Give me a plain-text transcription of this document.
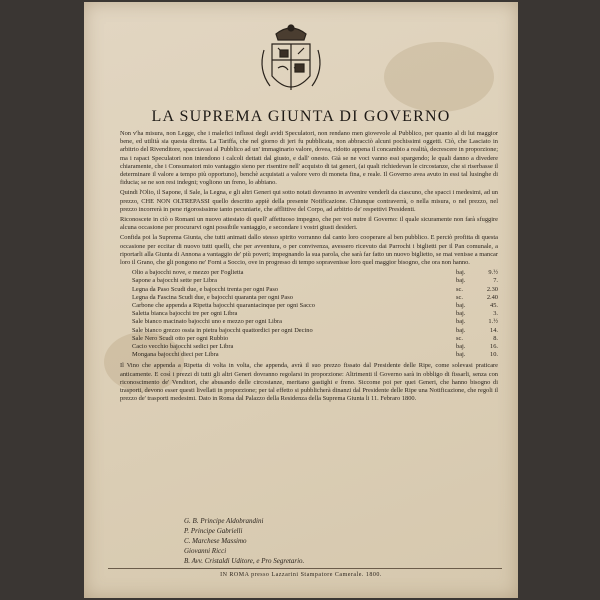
LA SUPREMA GIUNTA DI GOVERNO

Non v'ha misura, non Legge, che i malefici influssi degli avidi Speculatori, non rendano men giovevole al Pubblico, per quanto al di lui maggior bene, ed utilità sia questa diretta. La Tariffa, che nel giorno di jeri fu pubblicata, non abbracciò alcuni pochissimi oggetti. Ciò, che Lasciato in arbitrio del Rivenditore, spacciavasi al Pubblico ad un' immaginario valore, dovea, ridotto appena il concambio a realità, decrescere in proporzione; ma i rapaci Speculatori non intendono i calcoli dettati dal giusto, e dall' onesto. Già se ne voci vanno essi spargendo; le quali danno a divedere chiaramente, che i Consumatori mio vantaggio sieno per risentire nell' acquisto di tai generi, (ai quali richiedevan le circostanze, che si riserbasse il determinare il valore a tempo più opportuno), benchè acquistati a valore vero di moneta fina, e reale. Il Governo avea avuto in essi tal lusinghe di fiducia; se ne son resi indegni; vogliono un freno, lo abbiano.

Quindi l'Olio, il Sapone, il Sale, la Legna, e gli altri Generi qui sotto notati dovranno in avvenire venderli da ciascuno, che spacci i medesimi, ad un prezzo, CHE NON OLTREPASSI quello descritto appiè della presente Notificazione. Chiunque contraverrà, o nella misura, o nel prezzo, nel prezzo incorrerà in pene rigorosissime tanto pecuniarie, che afflittive del Corpo, ad arbitrio de' respettivi Presidenti.

Riconoscete in ciò o Romani un nuovo attestato di quell' affettuoso impegno, che per voi nutre il Governo: il quale sicuramente non farà sfuggire alcuna occasione per procurarvi ogni possibile vantaggio, e secondare i vostri giusti desideri.

Confida poi la Suprema Giunta, che tutti animati dallo stesso spirito vorranno dal canto loro cooperare al ben pubblico. E perciò profitta di questa occasione per eccitar di nuovo tutti quelli, che per avventura, o per convivenza, avessero ricevuto dai Parrochi i biglietti per il Pan comunale, a riportarli alla Giunta di Annona a vantaggio de' più poveri; impegnando la sua parola, che sarà far fatto un nuovo biglietto, se mai venisse a mancar loro il Grano, che gli pongono ne' Forni a Soccio, ove in progresso di tempo sopravenisse loro quel maggior bisogno, che ora non hanno.

Olio a bajocchi nove, e mezzo per Foglietta	baj.	9.½
Sapone a bajocchi sette per Libra	baj.	7.
Legna da Paso Scudi due, e bajocchi trenta per ogni Paso	sc.	2.30
Legna da Fascina Scudi due, e bajocchi quaranta per ogni Paso	sc.	2.40
Carbone che appenda a Ripetta bajocchi quarantacinque per ogni Sacco	baj.	45.
Saletta bianca bajocchi tre per ogni Libra	baj.	3.
Sale bianco macinato bajocchi uno e mezzo per ogni Libra	baj.	1.½
Sale bianco grezzo ossia in pietra bajocchi quattordici per ogni Decino	baj.	14.
Sale Nero Scudi otto per ogni Rubbio	sc.	8.
Cacio vecchio bajocchi sedici per Libra	baj.	16.
Mongana bajocchi dieci per Libra	baj.	10.

Il Vino che appenda a Ripetta di volta in volta, che appenda, avrà il suo prezzo fissato dal Presidente delle Ripe, come solevasi praticare anticamente. E così i prezzi di tutti gli altri Generi dovranno regolarsi in proporzione: Altrimenti il Governo sarà in obbligo di fissarli, senza con riconoscimento de' Venditori, che abusando delle circostanze, meritano gastighi e freno. Siccome poi per quei Generi, che hanno bisogno di trasporti, devono esser questi livellati in proporzione; per tal effetto si pubblicherà dinanzi dal Presidente delle Ripe una Notificazione, che regoli il prezzo de' trasporti medesimi. Dato in Roma dal Palazzo della Residenza della Suprema Giunta li 11. Febraro 1800.

G. B. Principe Aldobrandini
P. Principe Gabrielli
C. Marchese Massimo
Giovanni Ricci
B. Avv. Cristaldi Uditore, e Pro Segretario.
IN ROMA presso Lazzarini Stampatore Camerale. 1800.
